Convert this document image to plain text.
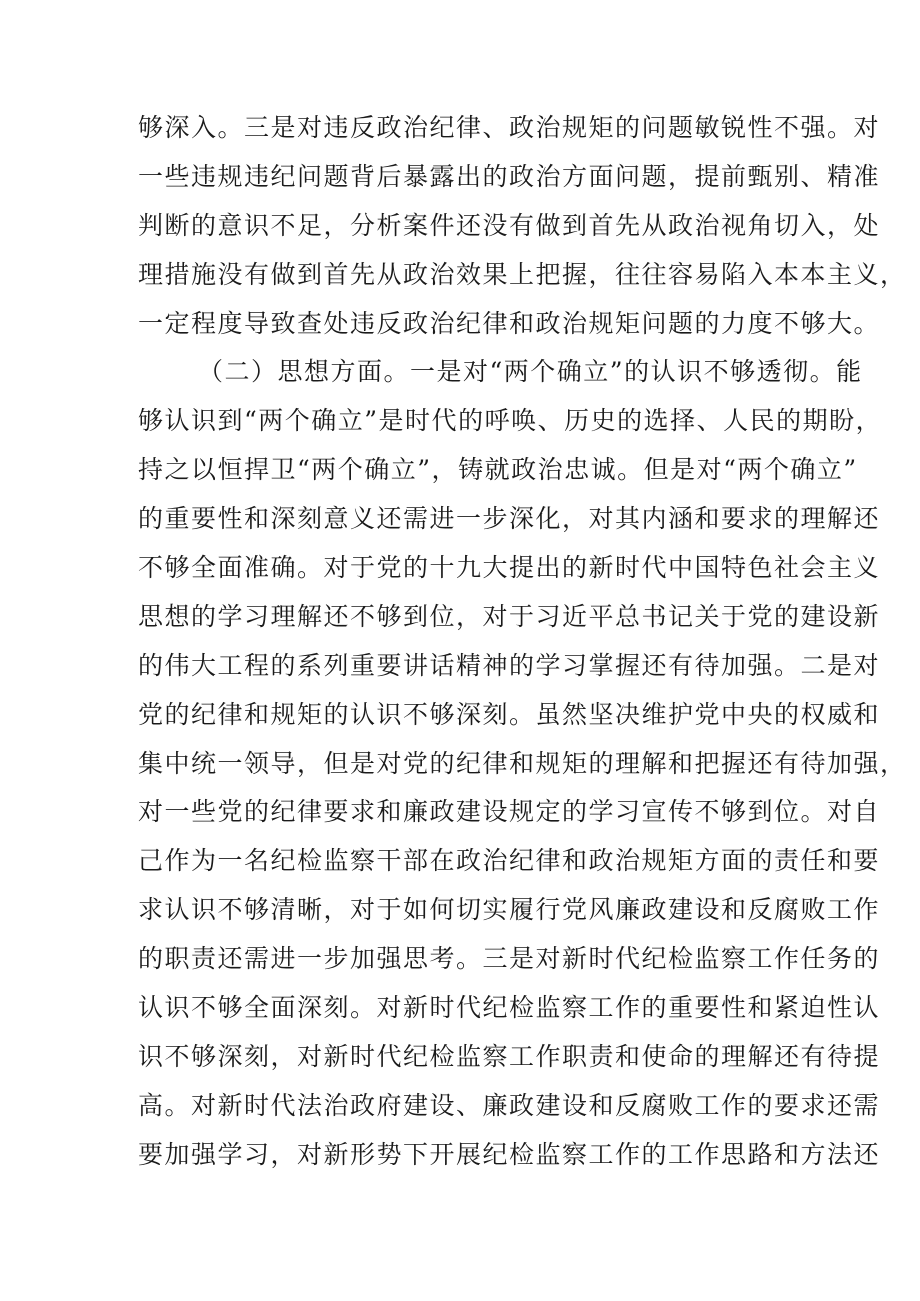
够深入。三是对违反政治纪律、政治规矩的问题敏锐性不强。对
一些违规违纪问题背后暴露出的政治方面问题，提前甄别、精准
判断的意识不足，分析案件还没有做到首先从政治视角切入，处
理措施没有做到首先从政治效果上把握，往往容易陷入本本主义，
一定程度导致查处违反政治纪律和政治规矩问题的力度不够大。
（二）思想方面。一是对“两个确立”的认识不够透彻。能
够认识到“两个确立”是时代的呼唤、历史的选择、人民的期盼，
持之以恒捍卫“两个确立”，铸就政治忠诚。但是对“两个确立”
的重要性和深刻意义还需进一步深化，对其内涵和要求的理解还
不够全面准确。对于党的十九大提出的新时代中国特色社会主义
思想的学习理解还不够到位，对于习近平总书记关于党的建设新
的伟大工程的系列重要讲话精神的学习掌握还有待加强。二是对
党的纪律和规矩的认识不够深刻。虽然坚决维护党中央的权威和
集中统一领导，但是对党的纪律和规矩的理解和把握还有待加强，
对一些党的纪律要求和廉政建设规定的学习宣传不够到位。对自
己作为一名纪检监察干部在政治纪律和政治规矩方面的责任和要
求认识不够清晰，对于如何切实履行党风廉政建设和反腐败工作
的职责还需进一步加强思考。三是对新时代纪检监察工作任务的
认识不够全面深刻。对新时代纪检监察工作的重要性和紧迫性认
识不够深刻，对新时代纪检监察工作职责和使命的理解还有待提
高。对新时代法治政府建设、廉政建设和反腐败工作的要求还需
要加强学习，对新形势下开展纪检监察工作的工作思路和方法还
